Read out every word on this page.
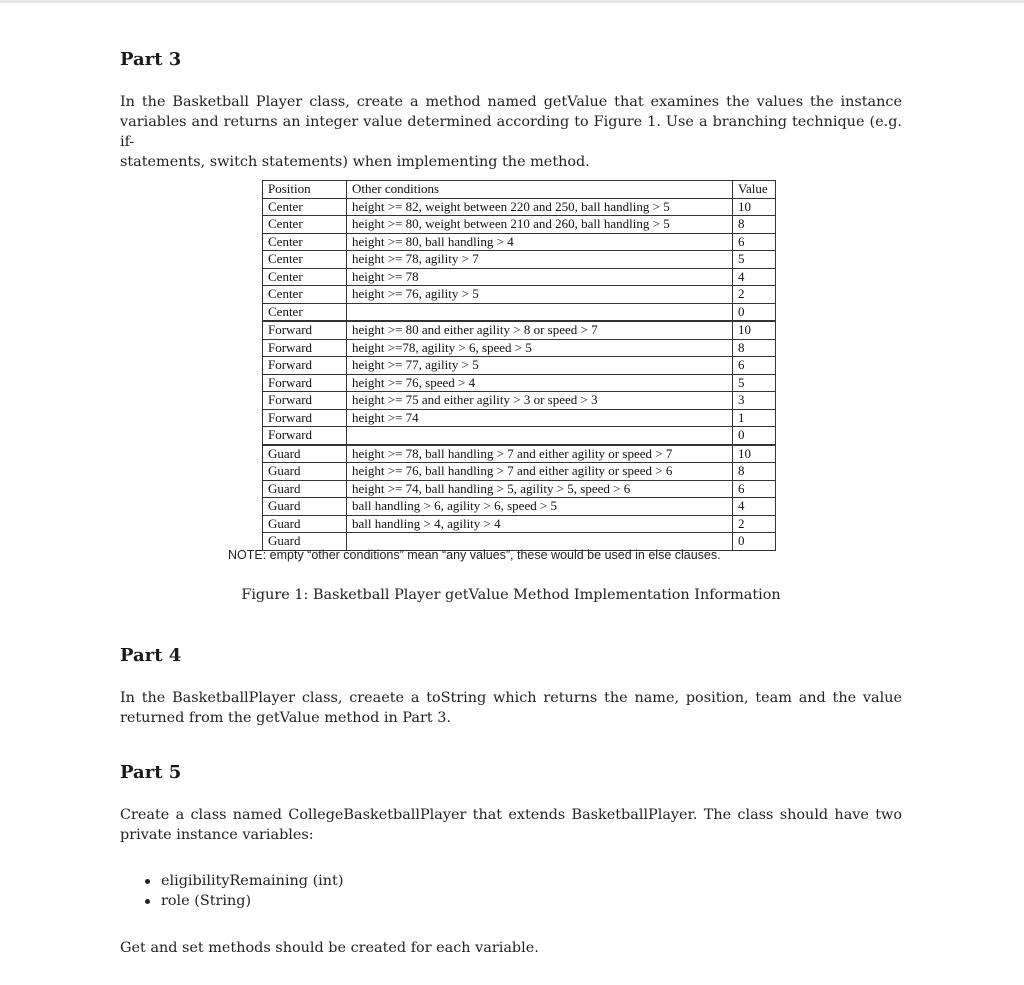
Part 3
In the Basketball Player class, create a method named getValue that examines the values the instance
variables and returns an integer value determined according to Figure 1. Use a branching technique (e.g. if-
statements, switch statements) when implementing the method.
Position	Other conditions	Value
Center	height >= 82, weight between 220 and 250, ball handling > 5	10
Center	height >= 80, weight between 210 and 260, ball handling > 5	8
Center	height >= 80, ball handling > 4	6
Center	height >= 78, agility > 7	5
Center	height >= 78	4
Center	height >= 76, agility > 5	2
Center		0
Forward	height >= 80 and either agility > 8 or speed > 7	10
Forward	height >=78, agility > 6, speed > 5	8
Forward	height >= 77, agility > 5	6
Forward	height >= 76, speed > 4	5
Forward	height >= 75 and either agility > 3 or speed > 3	3
Forward	height >= 74	1
Forward		0
Guard	height >= 78, ball handling > 7 and either agility or speed > 7	10
Guard	height >= 76, ball handling > 7 and either agility or speed > 6	8
Guard	height >= 74, ball handling > 5, agility > 5, speed > 6	6
Guard	ball handling > 6, agility > 6, speed > 5	4
Guard	ball handling > 4, agility > 4	2
Guard		0

NOTE: empty “other conditions” mean “any values”, these would be used in else clauses.

Figure 1: Basketball Player getValue Method Implementation Information

Part 4
In the BasketballPlayer class, creaete a toString which returns the name, position, team and the value
returned from the getValue method in Part 3.
Part 5
Create a class named CollegeBasketballPlayer that extends BasketballPlayer. The class should have two
private instance variables:
eligibilityRemaining (int)
role (String)
Get and set methods should be created for each variable.
